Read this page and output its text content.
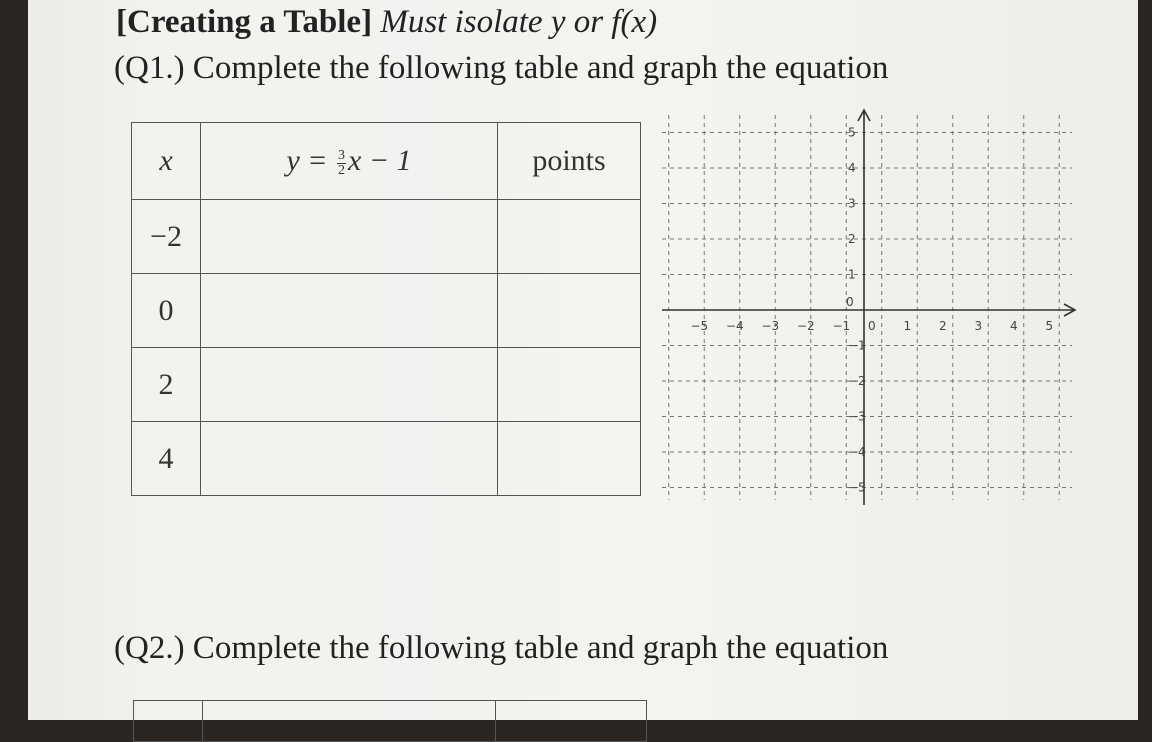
[Creating a Table] Must isolate y or f(x)
(Q1.) Complete the following table and graph the equation
x	$y = \frac{3}{2}$ x − 1	points
−2		
0		
2		
4		
−5 −4 −3 −2 −1 0 1 2 3 4 5
5
4
3
2
1
0
−1
−2
−3
−4
−5
(Q2.) Complete the following table and graph the equation
